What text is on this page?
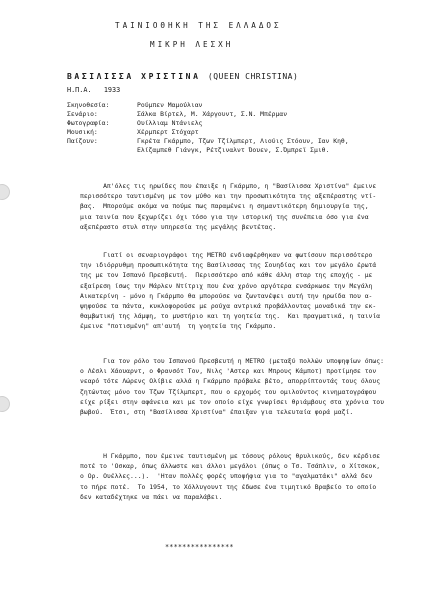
ΤΑΙΝΙΟΘΗΚΗ ΤΗΣ ΕΛΛΑΔΟΣ
ΜΙΚΡΗ ΛΕΣΧΗ
ΒΑΣΙΛΙΣΣΑ ΧΡΙΣΤΙΝΑ (QUEEN CHRISTINA)
Η.Π.Α.   1933
Σκηνοθεσία:	Ρούμπεν Μαμούλιαν
Σενάριο:	Σάλκα Βίρτελ, Μ. Χάργουντ, Σ.Ν. Μπέρμαν
Φωτογραφία:	Ουίλλιαμ Ντάνιελς
Μουσική:	Χέρμπερτ Στόχαρτ
Παίζουν:	Γκρέτα Γκάρμπο, Τζων Τζίλμπερτ, Λιούις Στόουν, Ιαν Κηθ,
Ελίζαμπεθ Γιάνγκ, Ρέτζιναλντ Όουεν, Σ.Όμπρεϊ Σμιθ.
Απ'όλες τις ηρωίδες που έπαιξε η Γκάρμπο, η "Βασίλισσα Χριστίνα" έμεινε
περισσότερο ταυτισμένη με τον μύθο και την προσωπικότητα της αξεπέραστης ντί-
βας.  Μπορούμε ακόμα να πούμε πως παραμένει η σημαντικότερη δημιουργία της,
μια ταινία που ξεχωρίζει όχι τόσο για την ιστορική της συνέπεια όσο για ένα
αξεπέραστο στυλ στην υπηρεσία της μεγάλης βεντέτας.
Γιατί οι σεναριογράφοι της METRO ενδιαφέρθηκαν να φωτίσουν περισσότερο
την ιδιόρρυθμη προσωπικότητα της Βασίλισσας της Σουηδίας και τον μεγάλο έρωτά
της με τον Ισπανό Πρεσβευτή.  Περισσότερο από κάθε άλλη σταρ της εποχής - με
εξαίρεση ίσως την Μάρλεν Ντίτριχ που ένα χρόνο αργότερα ενσάρκωσε την Μεγάλη
Αικατερίνη - μόνο η Γκάρμπο θα μπορούσε να ζωντανέψει αυτή την ηρωίδα που α-
ψηφούσε τα πάντα, κυκλοφορούσε με ρούχα αντρικά προβάλλοντας μοναδικά την εκ-
θαμβωτική της λάμψη, το μυστήριο και τη γοητεία της.  Και πραγματικά, η ταινία
έμεινε "ποτισμένη" απ'αυτή  τη γοητεία της Γκάρμπο.
Για τον ρόλο του Ισπανού Πρεσβευτή η METRO (μεταξύ πολλών υποψηφίων όπως:
ο Λέσλι Χάουαρντ, ο Φρανσότ Τον, Νιλς 'Αστερ και Μπρους Κάμποτ) προτίμησε τον
νεαρό τότε Λώρενς Ολίβιε αλλά η Γκάρμπο πρόβαλε βέτο, απορρίπτοντάς τους όλους
ζητώντας μόνο τον Τζων Τζίλμπερτ, που ο ερχομός του ομιλούντος κινηματογράφου
είχε ρίξει στην αφάνεια και με τον οποίο είχε γνωρίσει θριάμβους στα χρόνια του
βωβού.  Έτσι, στη "Βασίλισσα Χριστίνα" έπαιξαν για τελευταία φορά μαζί.
Η Γκάρμπο, που έμεινε ταυτισμένη με τόσους ρόλους θρυλικούς, δεν κέρδισε
ποτέ το 'Οσκαρ, όπως άλλωστε και άλλοι μεγάλοι (όπως ο Τσ. Τσάπλιν, ο Χίτσκοκ,
ο Ορ. Ουέλλες...).  'Ηταν πολλές φορές υποψήφια για το "αγαλματάκι" αλλά δεν
το πήρε ποτέ.  Το 1954, το Χόλλυγουντ της έδωσε ένα τιμητικό Βραβείο το οποίο
δεν καταδέχτηκε να πάει να παραλάβει.
****************
